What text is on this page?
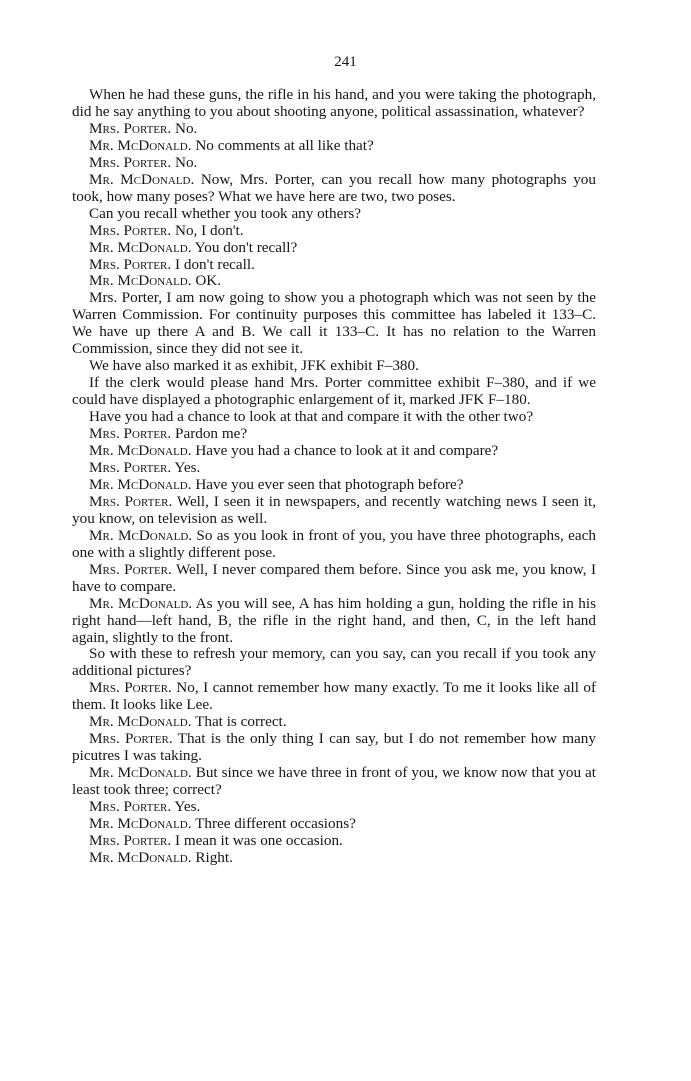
241

When he had these guns, the rifle in his hand, and you were taking the photograph, did he say anything to you about shooting anyone, political assassination, whatever?

Mrs. Porter. No.

Mr. McDonald. No comments at all like that?

Mrs. Porter. No.

Mr. McDonald. Now, Mrs. Porter, can you recall how many photographs you took, how many poses? What we have here are two, two poses.

Can you recall whether you took any others?

Mrs. Porter. No, I don't.

Mr. McDonald. You don't recall?

Mrs. Porter. I don't recall.

Mr. McDonald. OK.

Mrs. Porter, I am now going to show you a photograph which was not seen by the Warren Commission. For continuity purposes this committee has labeled it 133–C. We have up there A and B. We call it 133–C. It has no relation to the Warren Commission, since they did not see it.

We have also marked it as exhibit, JFK exhibit F–380.

If the clerk would please hand Mrs. Porter committee exhibit F–380, and if we could have displayed a photographic enlargement of it, marked JFK F–180.

Have you had a chance to look at that and compare it with the other two?

Mrs. Porter. Pardon me?

Mr. McDonald. Have you had a chance to look at it and compare?

Mrs. Porter. Yes.

Mr. McDonald. Have you ever seen that photograph before?

Mrs. Porter. Well, I seen it in newspapers, and recently watching news I seen it, you know, on television as well.

Mr. McDonald. So as you look in front of you, you have three photographs, each one with a slightly different pose.

Mrs. Porter. Well, I never compared them before. Since you ask me, you know, I have to compare.

Mr. McDonald. As you will see, A has him holding a gun, holding the rifle in his right hand—left hand, B, the rifle in the right hand, and then, C, in the left hand again, slightly to the front.

So with these to refresh your memory, can you say, can you recall if you took any additional pictures?

Mrs. Porter. No, I cannot remember how many exactly. To me it looks like all of them. It looks like Lee.

Mr. McDonald. That is correct.

Mrs. Porter. That is the only thing I can say, but I do not remember how many picutres I was taking.

Mr. McDonald. But since we have three in front of you, we know now that you at least took three; correct?

Mrs. Porter. Yes.

Mr. McDonald. Three different occasions?

Mrs. Porter. I mean it was one occasion.

Mr. McDonald. Right.
